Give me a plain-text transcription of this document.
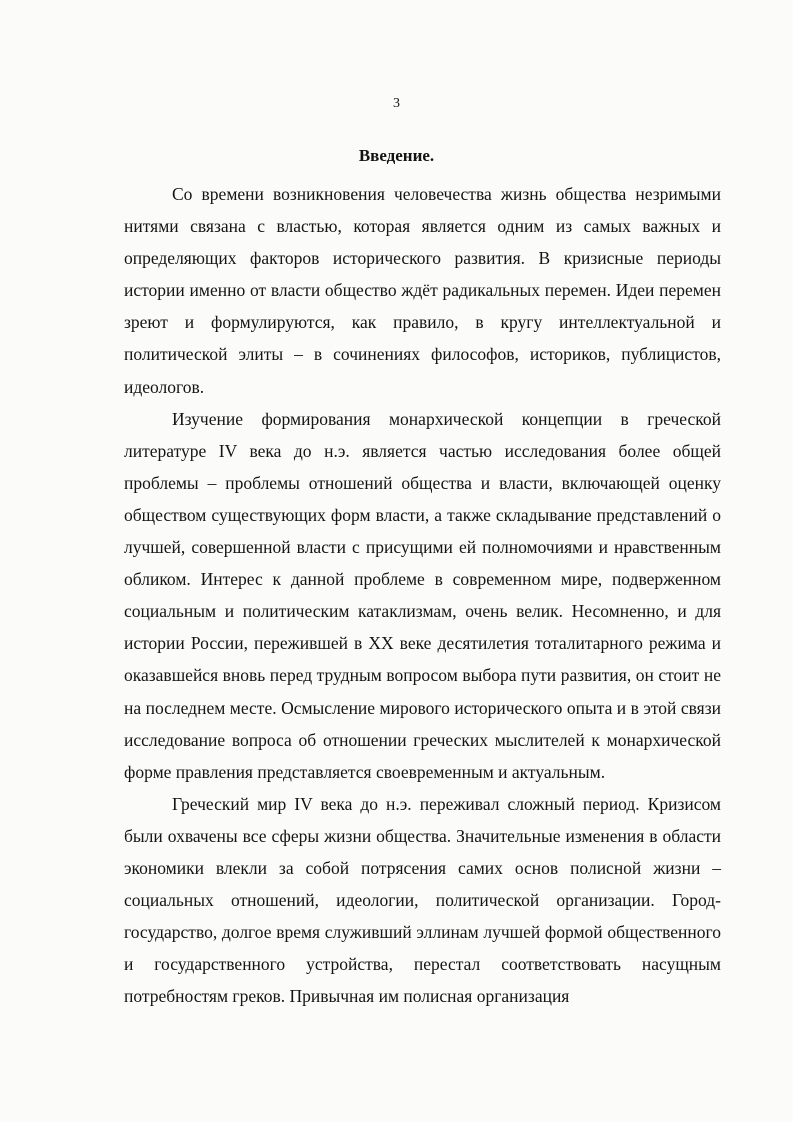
3
Введение.

Со времени возникновения человечества жизнь общества незримыми нитями связана с властью, которая является одним из самых важных и определяющих факторов исторического развития. В кризисные периоды истории именно от власти общество ждёт радикальных перемен. Идеи перемен зреют и формулируются, как правило, в кругу интеллектуальной и политической элиты – в сочинениях философов, историков, публицистов, идеологов.

Изучение формирования монархической концепции в греческой литературе IV века до н.э. является частью исследования более общей проблемы – проблемы отношений общества и власти, включающей оценку обществом существующих форм власти, а также складывание представлений о лучшей, совершенной власти с присущими ей полномочиями и нравственным обликом. Интерес к данной проблеме в современном мире, подверженном социальным и политическим катаклизмам, очень велик. Несомненно, и для истории России, пережившей в XX веке десятилетия тоталитарного режима и оказавшейся вновь перед трудным вопросом выбора пути развития, он стоит не на последнем месте. Осмысление мирового исторического опыта и в этой связи исследование вопроса об отношении греческих мыслителей к монархической форме правления представляется своевременным и актуальным.

Греческий мир IV века до н.э. переживал сложный период. Кризисом были охвачены все сферы жизни общества. Значительные изменения в области экономики влекли за собой потрясения самих основ полисной жизни – социальных отношений, идеологии, политической организации. Город-государство, долгое время служивший эллинам лучшей формой общественного и государственного устройства, перестал соответствовать насущным потребностям греков. Привычная им полисная организация
